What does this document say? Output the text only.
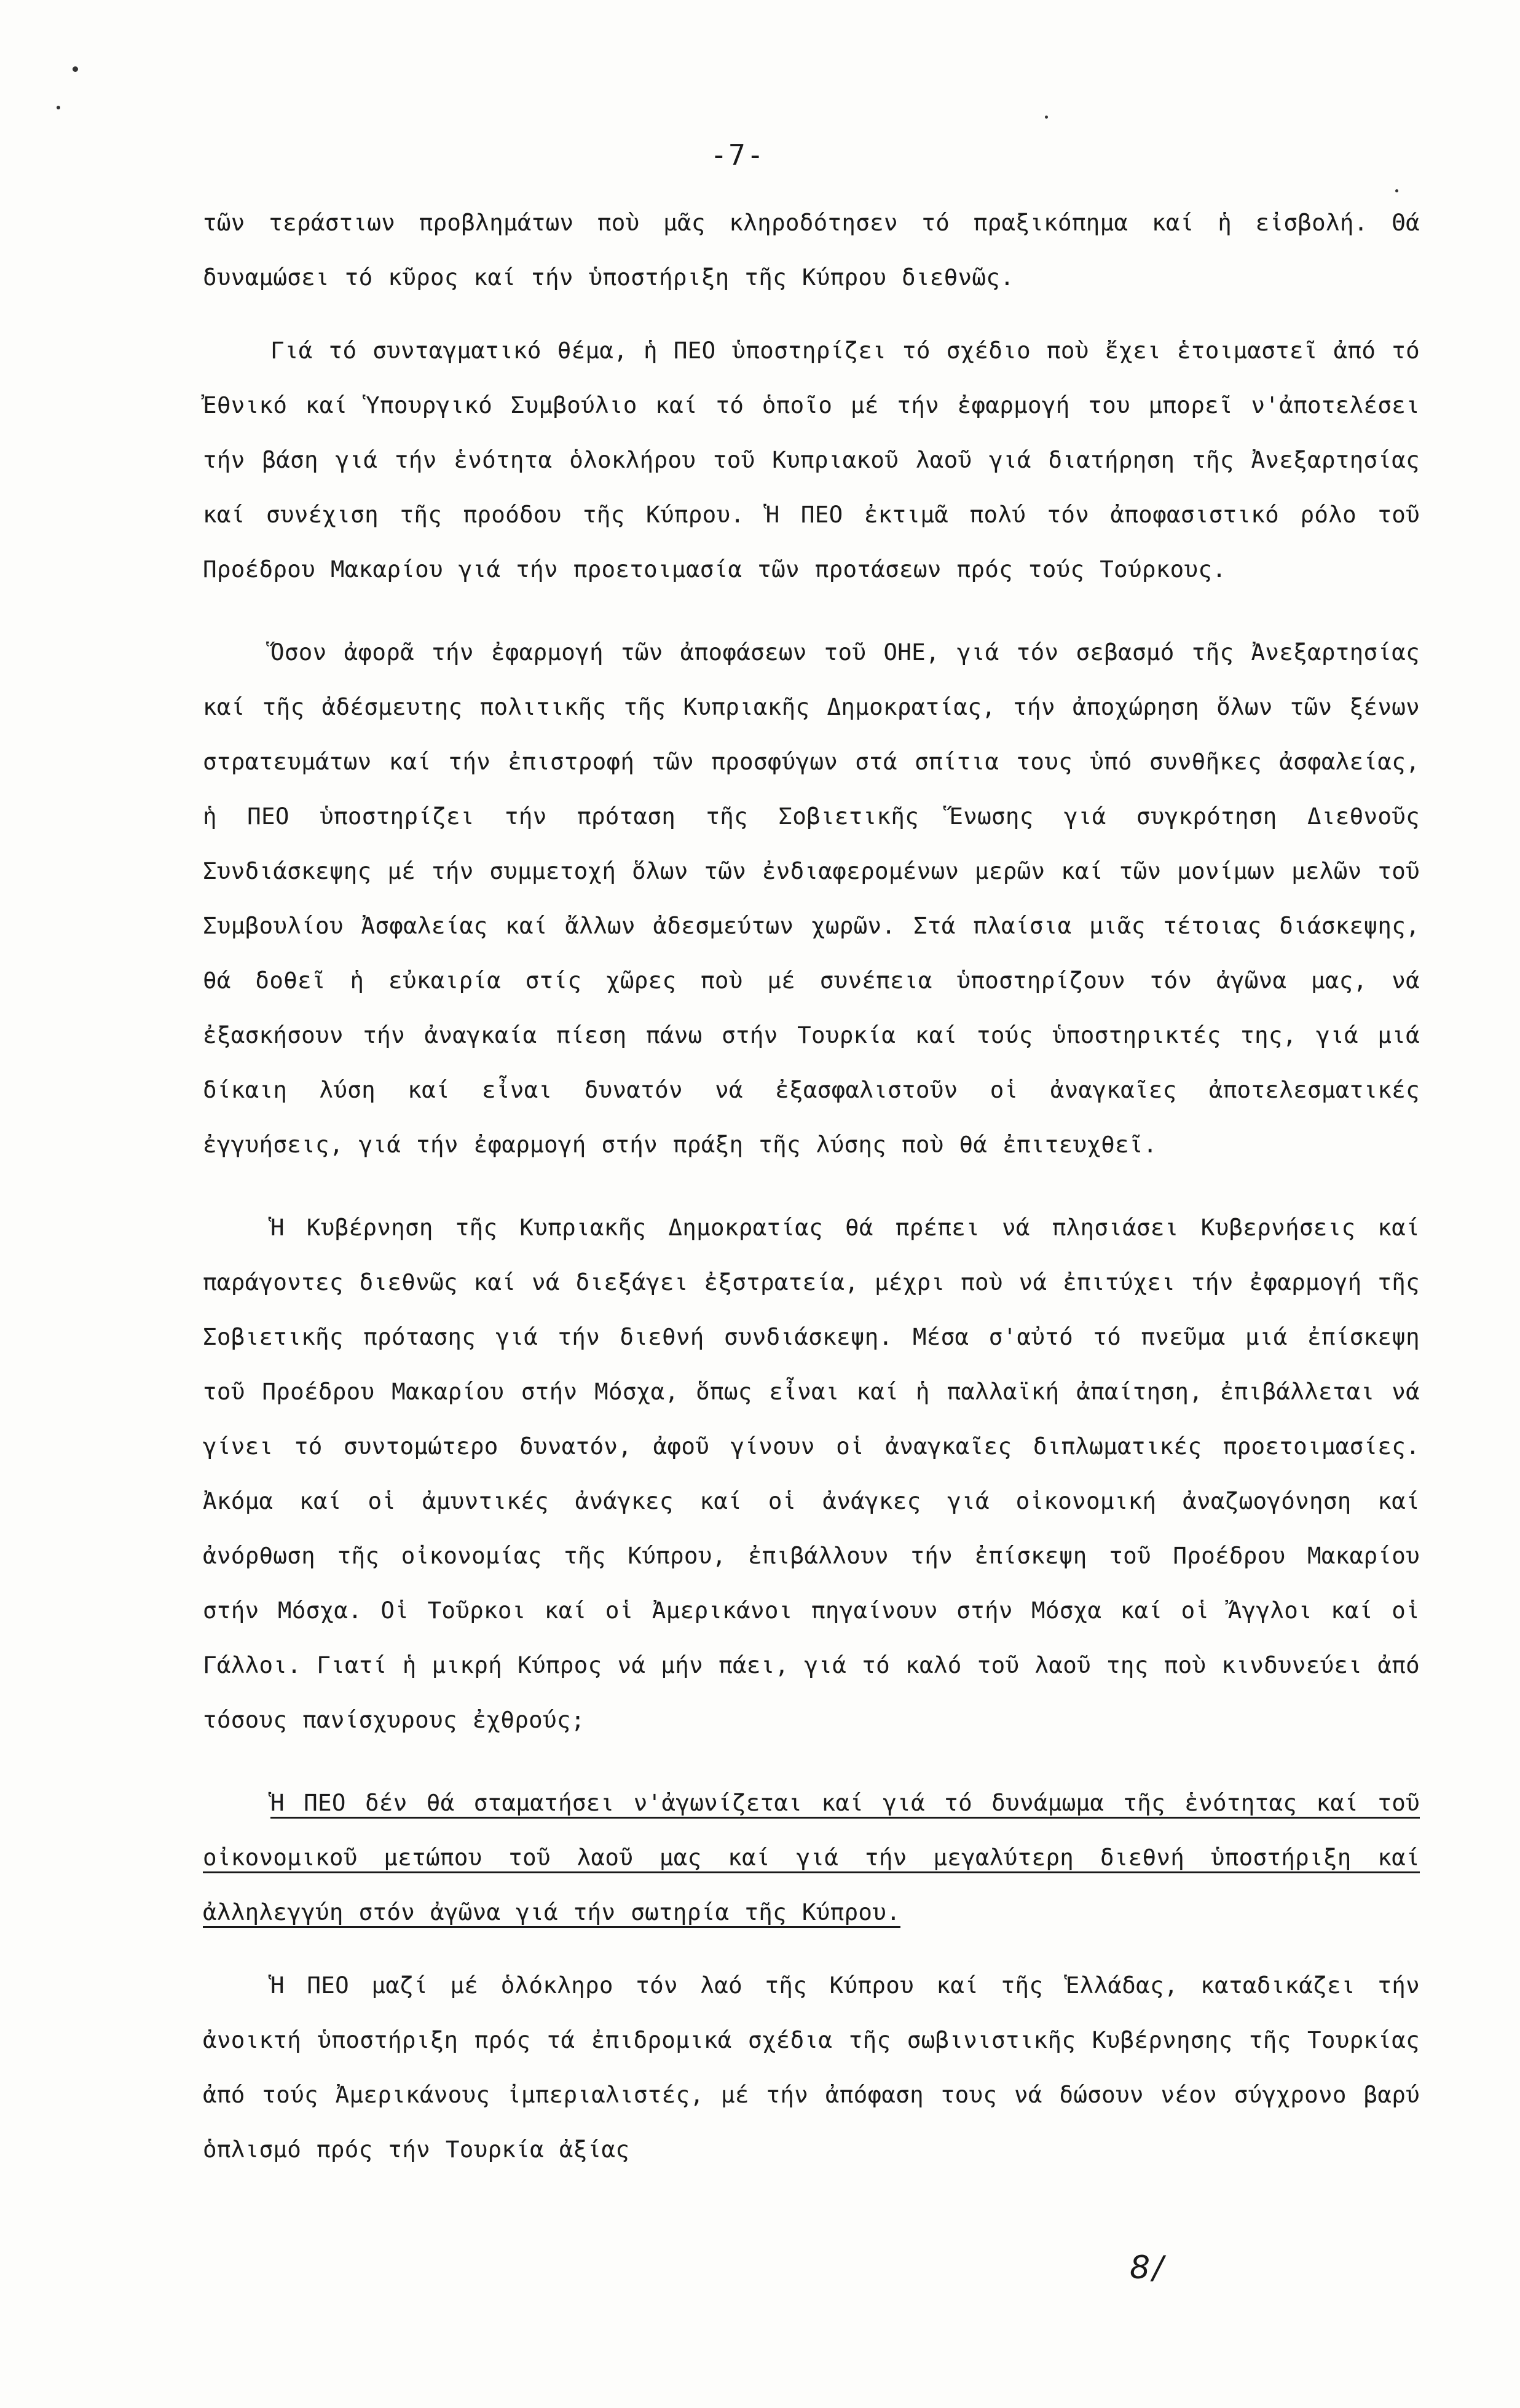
-7-

τῶν τεράστιων προβλημάτων ποὺ μᾶς κληροδότησεν τό πραξικόπημα καί ἡ εἰσβολή. Θά δυναμώσει τό κῦρος καί τήν ὑποστήριξη τῆς Κύπρου διεθνῶς.

Γιά τό συνταγματικό θέμα, ἡ ΠΕΟ ὑποστηρίζει τό σχέδιο ποὺ ἔχει ἑτοιμαστεῖ ἀπό τό Ἐθνικό καί Ὑπουργικό Συμβούλιο καί τό ὁποῖο μέ τήν ἐφαρμογή του μπορεῖ ν'ἀποτελέσει τήν βάση γιά τήν ἑνότητα ὁλοκλήρου τοῦ Κυπριακοῦ λαοῦ γιά διατήρηση τῆς Ἀνεξαρτησίας καί συνέχιση τῆς προόδου τῆς Κύπρου. Ἡ ΠΕΟ ἐκτιμᾶ πολύ τόν ἀποφασιστικό ρόλο τοῦ Προέδρου Μακαρίου γιά τήν προετοιμασία τῶν προτάσεων πρός τούς Τούρκους.

Ὅσον ἀφορᾶ τήν ἐφαρμογή τῶν ἀποφάσεων τοῦ ΟΗΕ, γιά τόν σεβασμό τῆς Ἀνεξαρτησίας καί τῆς ἀδέσμευτης πολιτικῆς τῆς Κυπριακῆς Δημοκρατίας, τήν ἀποχώρηση ὅλων τῶν ξένων στρατευμάτων καί τήν ἐπιστροφή τῶν προσφύγων στά σπίτια τους ὑπό συνθῆκες ἀσφαλείας, ἡ ΠΕΟ ὑποστηρίζει τήν πρόταση τῆς Σοβιετικῆς Ἕνωσης γιά συγκρότηση Διεθνοῦς Συνδιάσκεψης μέ τήν συμμετοχή ὅλων τῶν ἐνδιαφερομένων μερῶν καί τῶν μονίμων μελῶν τοῦ Συμβουλίου Ἀσφαλείας καί ἄλλων ἀδεσμεύτων χωρῶν. Στά πλαίσια μιᾶς τέτοιας διάσκεψης, θά δοθεῖ ἡ εὐκαιρία στίς χῶρες ποὺ μέ συνέπεια ὑποστηρίζουν τόν ἀγῶνα μας, νά ἐξασκήσουν τήν ἀναγκαία πίεση πάνω στήν Τουρκία καί τούς ὑποστηρικτές της, γιά μιά δίκαιη λύση καί εἶναι δυνατόν νά ἐξασφαλιστοῦν οἱ ἀναγκαῖες ἀποτελεσματικές ἐγγυήσεις, γιά τήν ἐφαρμογή στήν πράξη τῆς λύσης ποὺ θά ἐπιτευχθεῖ.

Ἡ Κυβέρνηση τῆς Κυπριακῆς Δημοκρατίας θά πρέπει νά πλησιάσει Κυβερνήσεις καί παράγοντες διεθνῶς καί νά διεξάγει ἐξστρατεία, μέχρι ποὺ νά ἐπιτύχει τήν ἐφαρμογή τῆς Σοβιετικῆς πρότασης γιά τήν διεθνή συνδιάσκεψη. Μέσα σ'αὐτό τό πνεῦμα μιά ἐπίσκεψη τοῦ Προέδρου Μακαρίου στήν Μόσχα, ὅπως εἶναι καί ἡ παλλαϊκή ἀπαίτηση, ἐπιβάλλεται νά γίνει τό συντομώτερο δυνατόν, ἀφοῦ γίνουν οἱ ἀναγκαῖες διπλωματικές προετοιμασίες. Ἀκόμα καί οἱ ἀμυντικές ἀνάγκες καί οἱ ἀνάγκες γιά οἰκονομική ἀναζωογόνηση καί ἀνόρθωση τῆς οἰκονομίας τῆς Κύπρου, ἐπιβάλλουν τήν ἐπίσκεψη τοῦ Προέδρου Μακαρίου στήν Μόσχα. Οἱ Τοῦρκοι καί οἱ Ἀμερικάνοι πηγαίνουν στήν Μόσχα καί οἱ Ἄγγλοι καί οἱ Γάλλοι. Γιατί ἡ μικρή Κύπρος νά μήν πάει, γιά τό καλό τοῦ λαοῦ της ποὺ κινδυνεύει ἀπό τόσους πανίσχυρους ἐχθρούς;

Ἡ ΠΕΟ δέν θά σταματήσει ν'ἀγωνίζεται καί γιά τό δυνάμωμα τῆς ἑνότητας καί τοῦ οἰκονομικοῦ μετώπου τοῦ λαοῦ μας καί γιά τήν μεγαλύτερη διεθνή ὑποστήριξη καί ἀλληλεγγύη στόν ἀγῶνα γιά τήν σωτηρία τῆς Κύπρου.

Ἡ ΠΕΟ μαζί μέ ὁλόκληρο τόν λαό τῆς Κύπρου καί τῆς Ἑλλάδας, καταδικάζει τήν ἀνοικτή ὑποστήριξη πρός τά ἐπιδρομικά σχέδια τῆς σωβινιστικῆς Κυβέρνησης τῆς Τουρκίας ἀπό τούς Ἀμερικάνους ἰμπεριαλιστές, μέ τήν ἀπόφαση τους νά δώσουν νέον σύγχρονο βαρύ ὁπλισμό πρός τήν Τουρκία ἀξίας

8/
